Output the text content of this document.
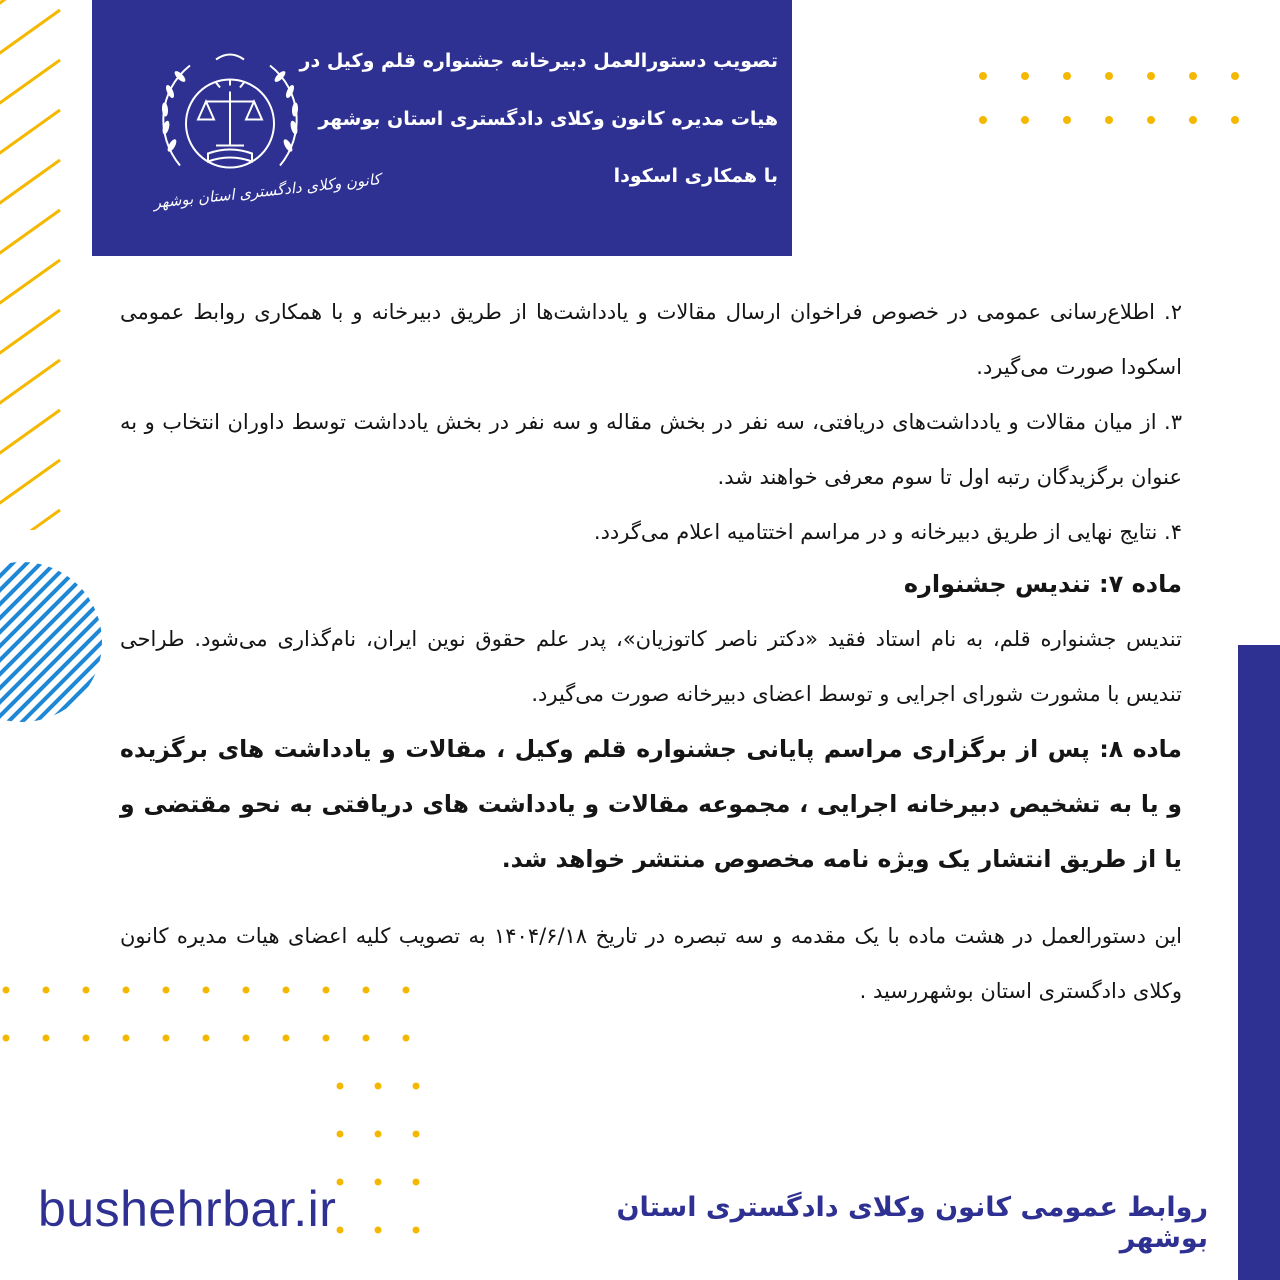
کانون وکلای دادگستری استان بوشهر
تصویب دستورالعمل دبیرخانه جشنواره قلم وکیل در
هیات مدیره کانون وکلای دادگستری استان بوشهر
با همکاری اسکودا

۲. اطلاع‌رسانی عمومی در خصوص فراخوان ارسال مقالات و یادداشت‌ها از طریق دبیرخانه و با همکاری روابط عمومی اسکودا صورت می‌گیرد.

۳. از میان مقالات و یادداشت‌های دریافتی، سه نفر در بخش مقاله و سه نفر در بخش یادداشت توسط داوران انتخاب و به عنوان برگزیدگان رتبه اول تا سوم معرفی خواهند شد.

۴. نتایج نهایی از طریق دبیرخانه و در مراسم اختتامیه اعلام می‌گردد.

ماده ۷: تندیس جشنواره

تندیس جشنواره قلم، به نام استاد فقید «دکتر ناصر کاتوزیان»، پدر علم حقوق نوین ایران، نام‌گذاری می‌شود. طراحی تندیس با مشورت شورای اجرایی و توسط اعضای دبیرخانه صورت می‌گیرد.

ماده ۸: پس از برگزاری مراسم پایانی جشنواره قلم وکیل ، مقالات و یادداشت های برگزیده و یا به تشخیص دبیرخانه اجرایی ، مجموعه مقالات و یادداشت های دریافتی به نحو مقتضی و یا از طریق انتشار یک ویژه نامه مخصوص منتشر خواهد شد.

این دستورالعمل در هشت ماده با یک مقدمه و سه تبصره در تاریخ ۱۴۰۴/۶/۱۸ به تصویب کلیه اعضای هیات مدیره کانون وکلای دادگستری استان بوشهررسید .

bushehrbar.ir	روابط عمومی کانون وکلای دادگستری استان بوشهر
